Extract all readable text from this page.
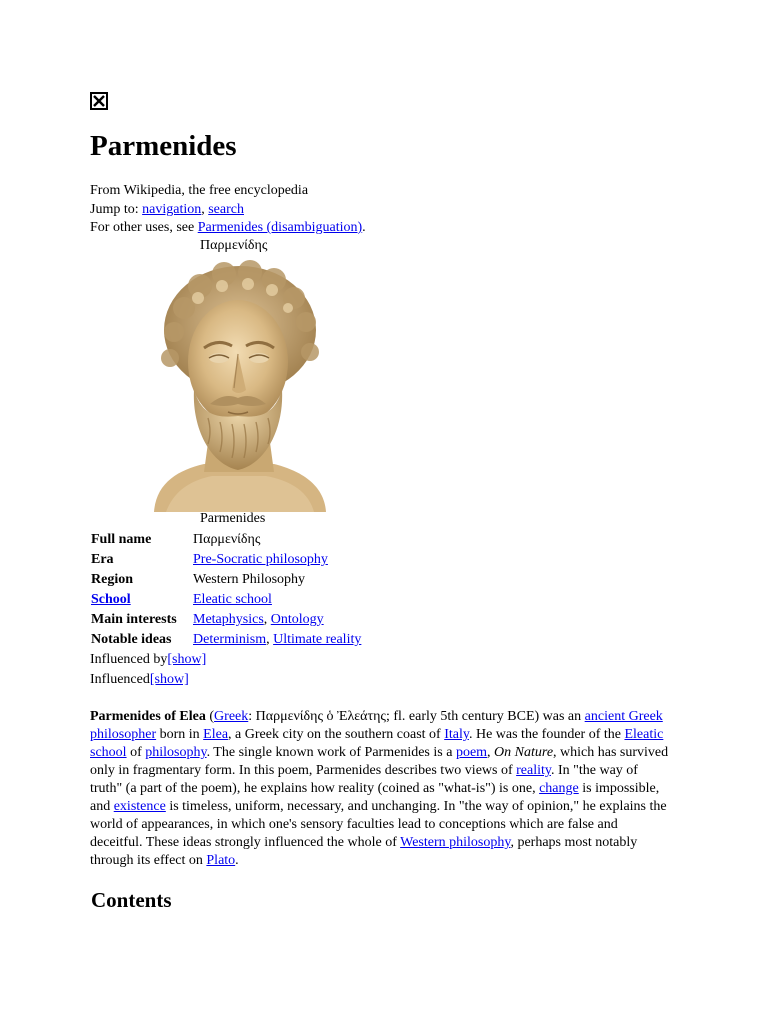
Parmenides
From Wikipedia, the free encyclopedia
Jump to: navigation, search
For other uses, see Parmenides (disambiguation).
Παρμενίδης
Parmenides
Full name	Παρμενίδης
Era	Pre-Socratic philosophy
Region	Western Philosophy
School	Eleatic school
Main interests	Metaphysics, Ontology
Notable ideas	Determinism, Ultimate reality
Influenced by[show]
Influenced[show]

Parmenides of Elea (Greek: Παρμενίδης ὁ Ἐλεάτης; fl. early 5th century BCE) was an ancient Greek philosopher born in Elea, a Greek city on the southern coast of Italy. He was the founder of the Eleatic school of philosophy. The single known work of Parmenides is a poem, On Nature, which has survived only in fragmentary form. In this poem, Parmenides describes two views of reality. In "the way of truth" (a part of the poem), he explains how reality (coined as "what-is") is one, change is impossible, and existence is timeless, uniform, necessary, and unchanging. In "the way of opinion," he explains the world of appearances, in which one's sensory faculties lead to conceptions which are false and deceitful. These ideas strongly influenced the whole of Western philosophy, perhaps most notably through its effect on Plato.

Contents
